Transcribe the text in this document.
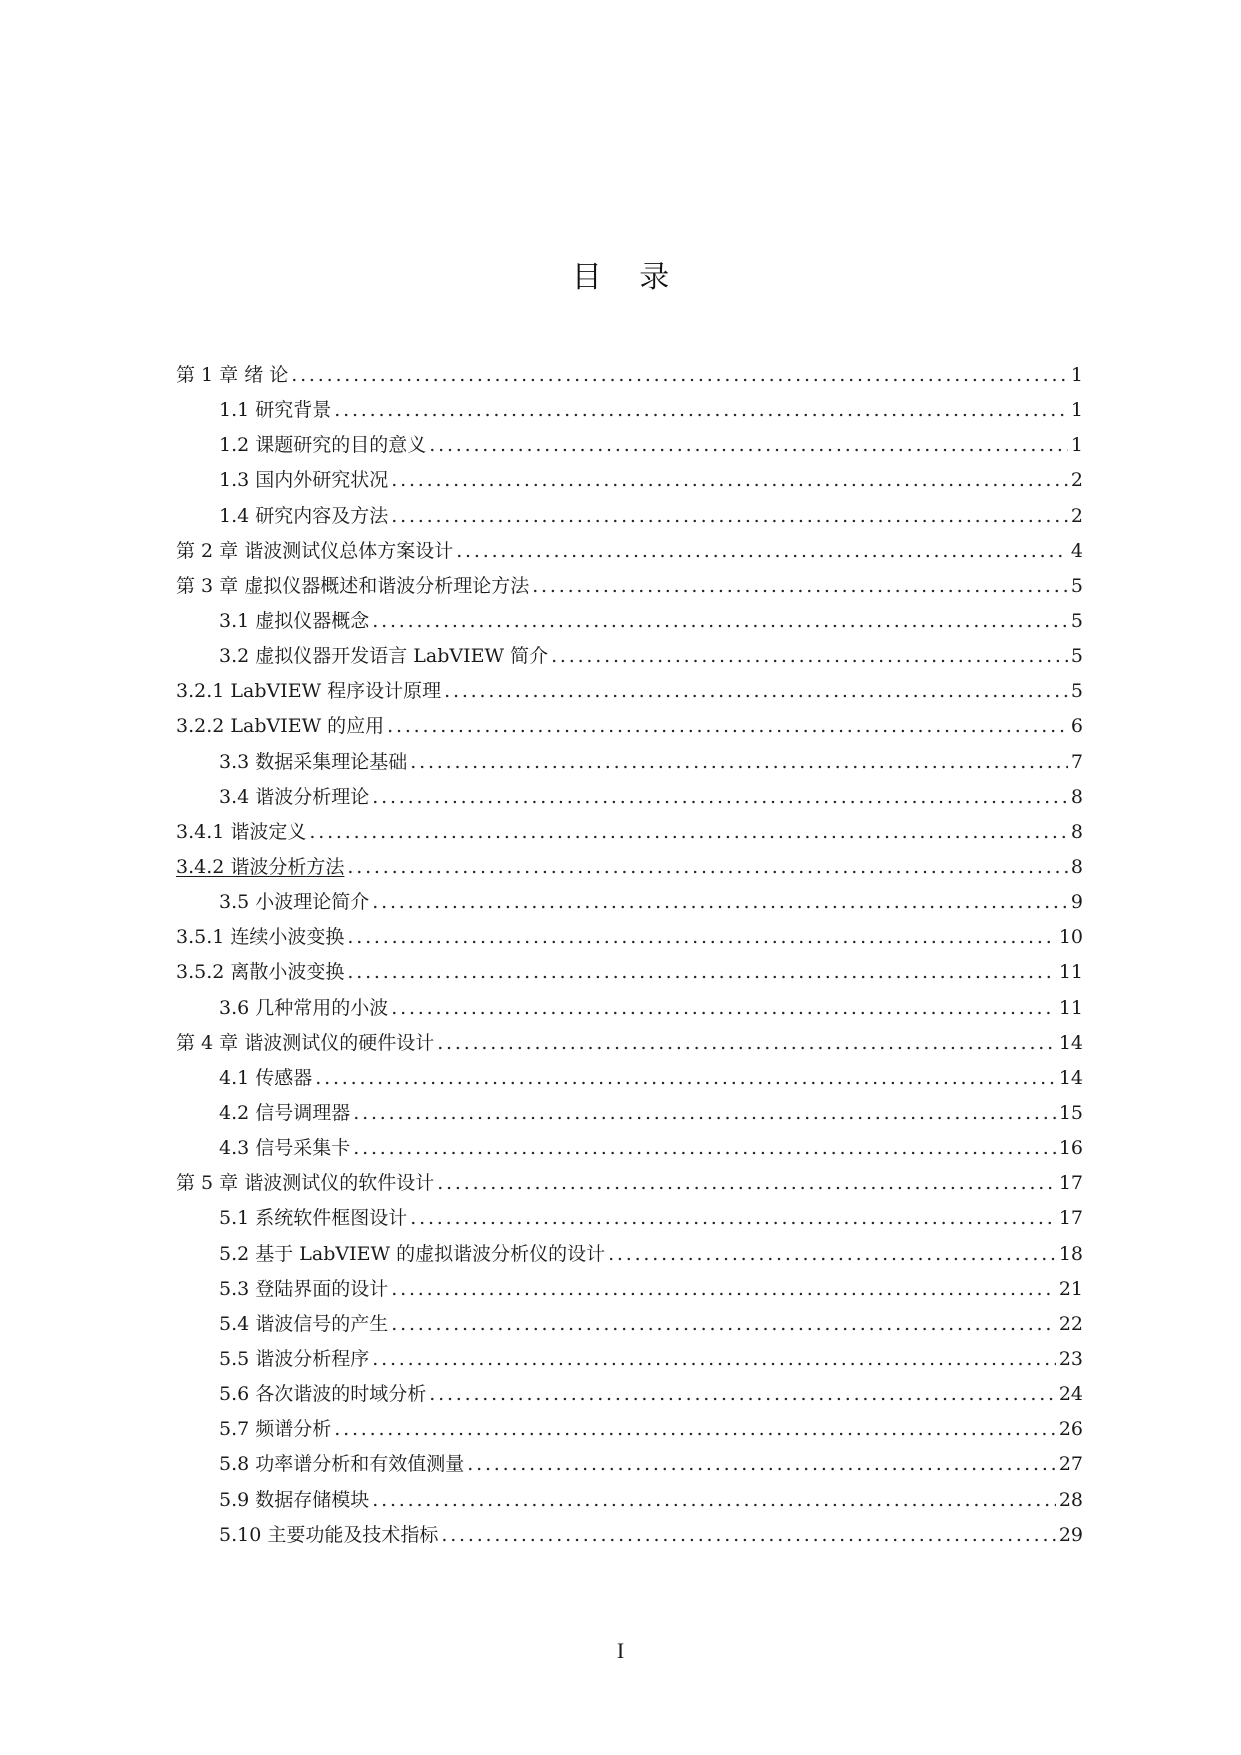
目 录
第 1 章 绪 论 .....	1
1.1 研究背景 .....	1
1.2 课题研究的目的意义 .....	1
1.3 国内外研究状况 .....	2
1.4 研究内容及方法 .....	2
第 2 章 谐波测试仪总体方案设计 .....	4
第 3 章 虚拟仪器概述和谐波分析理论方法 .....	5
3.1 虚拟仪器概念 .....	5
3.2 虚拟仪器开发语言 LabVIEW 简介 .....	5
3.2.1 LabVIEW 程序设计原理 .....	5
3.2.2 LabVIEW 的应用 .....	6
3.3 数据采集理论基础 .....	7
3.4 谐波分析理论 .....	8
3.4.1 谐波定义 .....	8
3.4.2 谐波分析方法 .....	8
3.5 小波理论简介 .....	9
3.5.1 连续小波变换 .....	10
3.5.2 离散小波变换 .....	11
3.6 几种常用的小波 .....	11
第 4 章 谐波测试仪的硬件设计 .....	14
4.1 传感器 .....	14
4.2 信号调理器 .....	15
4.3 信号采集卡 .....	16
第 5 章 谐波测试仪的软件设计 .....	17
5.1 系统软件框图设计 .....	17
5.2 基于 LabVIEW 的虚拟谐波分析仪的设计 .....	18
5.3 登陆界面的设计 .....	21
5.4 谐波信号的产生 .....	22
5.5 谐波分析程序 .....	23
5.6 各次谐波的时域分析 .....	24
5.7 频谱分析 .....	26
5.8 功率谱分析和有效值测量 .....	27
5.9 数据存储模块 .....	28
5.10 主要功能及技术指标 .....	29
I
